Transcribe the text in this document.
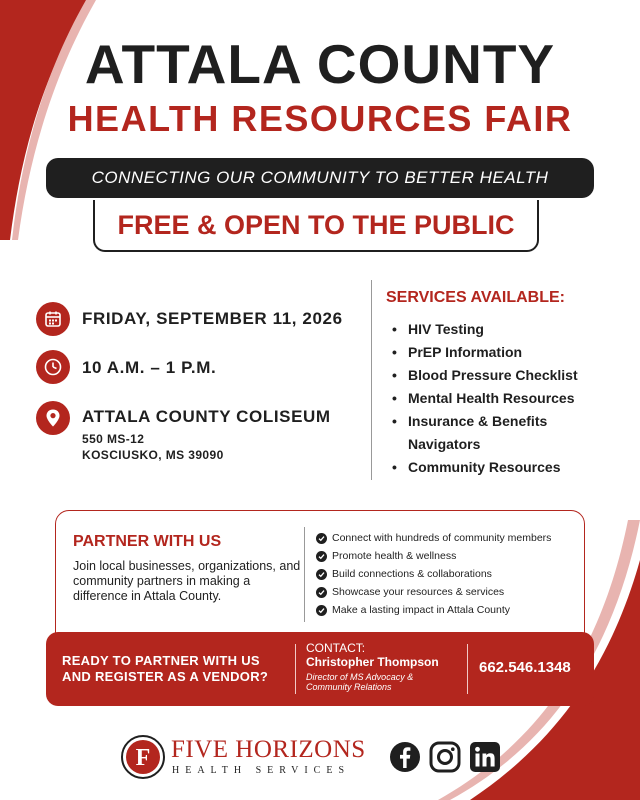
ATTALA COUNTY
HEALTH RESOURCES FAIR
CONNECTING OUR COMMUNITY TO BETTER HEALTH
FREE & OPEN TO THE PUBLIC
FRIDAY, SEPTEMBER 11, 2026
10 A.M. – 1 P.M.
ATTALA COUNTY COLISEUM
550 MS-12
KOSCIUSKO, MS 39090
SERVICES AVAILABLE:
• HIV Testing
• PrEP Information
• Blood Pressure Checklist
• Mental Health Resources
• Insurance & Benefits Navigators
• Community Resources
PARTNER WITH US
Join local businesses, organizations, and community partners in making a difference in Attala County.
Connect with hundreds of community members
Promote health & wellness
Build connections & collaborations
Showcase your resources & services
Make a lasting impact in Attala County
READY TO PARTNER WITH US
AND REGISTER AS A VENDOR?
CONTACT:
Christopher Thompson
Director of MS Advocacy &
Community Relations
662.546.1348
F FIVE HORIZONS
HEALTH SERVICES
